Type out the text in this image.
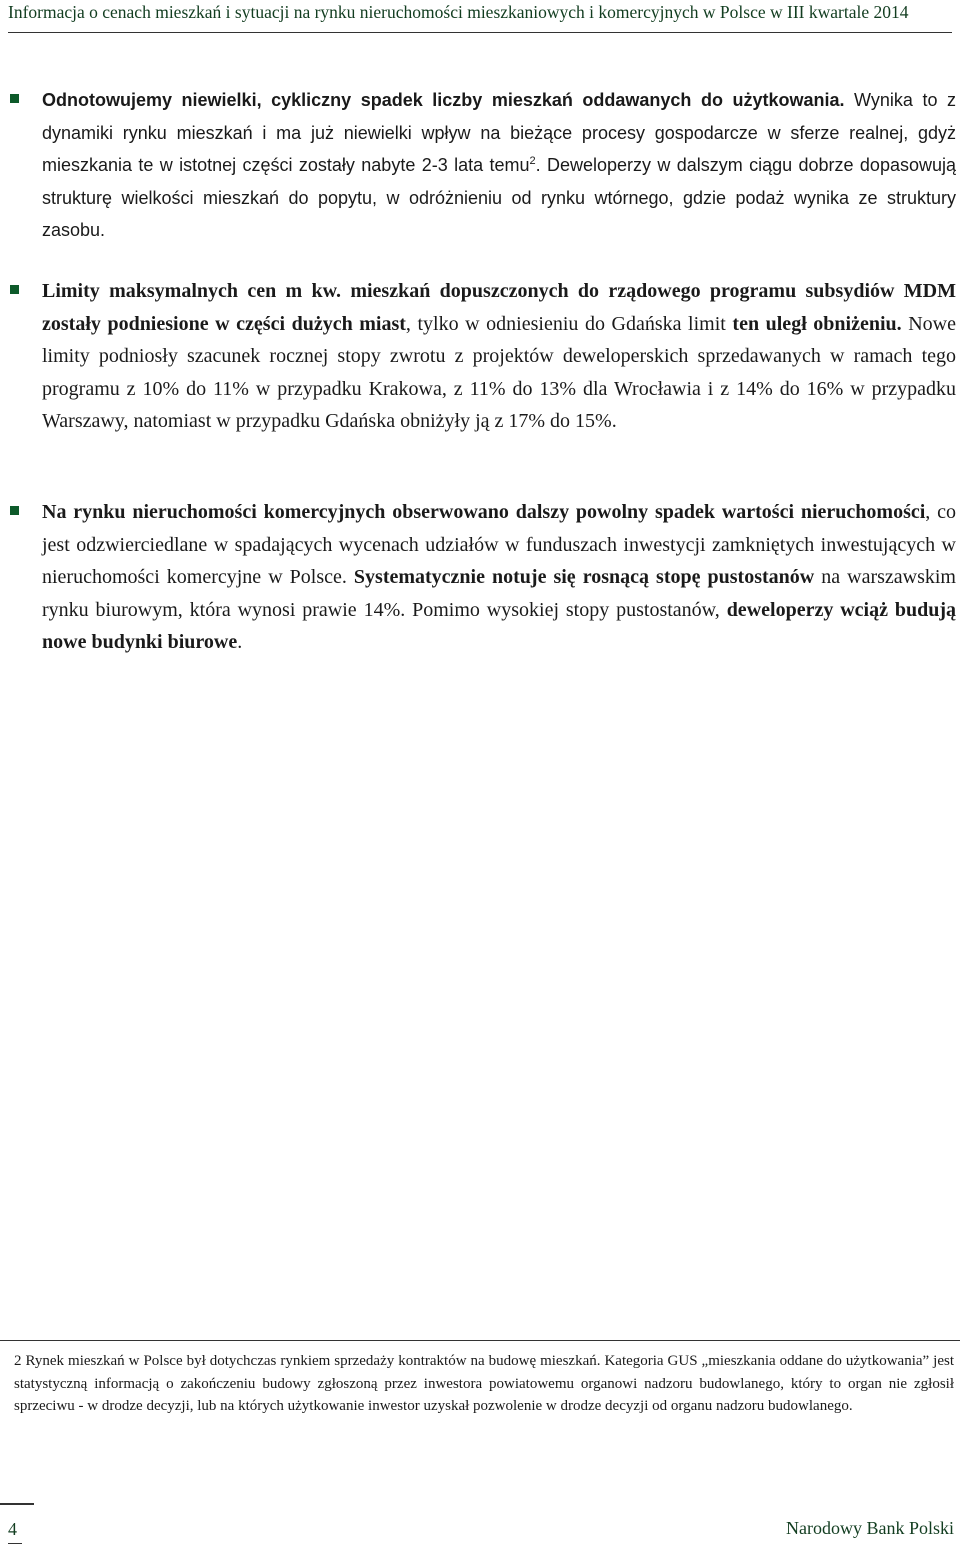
Informacja o cenach mieszkań i sytuacji na rynku nieruchomości mieszkaniowych i komercyjnych w Polsce w III kwartale 2014
Odnotowujemy niewielki, cykliczny spadek liczby mieszkań oddawanych do użytkowania. Wynika to z dynamiki rynku mieszkań i ma już niewielki wpływ na bieżące procesy gospodarcze w sferze realnej, gdyż mieszkania te w istotnej części zostały nabyte 2-3 lata temu$^2$. Deweloperzy w dalszym ciągu dobrze dopasowują strukturę wielkości mieszkań do popytu, w odróżnieniu od rynku wtórnego, gdzie podaż wynika ze struktury zasobu.
Limity maksymalnych cen m kw. mieszkań dopuszczonych do rządowego programu subsydiów MDM zostały podniesione w części dużych miast, tylko w odniesieniu do Gdańska limit ten uległ obniżeniu. Nowe limity podniosły szacunek rocznej stopy zwrotu z projektów deweloperskich sprzedawanych w ramach tego programu z 10% do 11% w przypadku Krakowa, z 11% do 13% dla Wrocławia i z 14% do 16% w przypadku Warszawy, natomiast w przypadku Gdańska obniżyły ją z 17% do 15%.
Na rynku nieruchomości komercyjnych obserwowano dalszy powolny spadek wartości nieruchomości, co jest odzwierciedlane w spadających wycenach udziałów w funduszach inwestycji zamkniętych inwestujących w nieruchomości komercyjne w Polsce. Systematycznie notuje się rosnącą stopę pustostanów na warszawskim rynku biurowym, która wynosi prawie 14%. Pomimo wysokiej stopy pustostanów, deweloperzy wciąż budują nowe budynki biurowe.
2 Rynek mieszkań w Polsce był dotychczas rynkiem sprzedaży kontraktów na budowę mieszkań. Kategoria GUS „mieszkania oddane do użytkowania” jest statystyczną informacją o zakończeniu budowy zgłoszoną przez inwestora powiatowemu organowi nadzoru budowlanego, który to organ nie zgłosił sprzeciwu - w drodze decyzji, lub na których użytkowanie inwestor uzyskał pozwolenie w drodze decyzji od organu nadzoru budowlanego.
4	Narodowy Bank Polski
